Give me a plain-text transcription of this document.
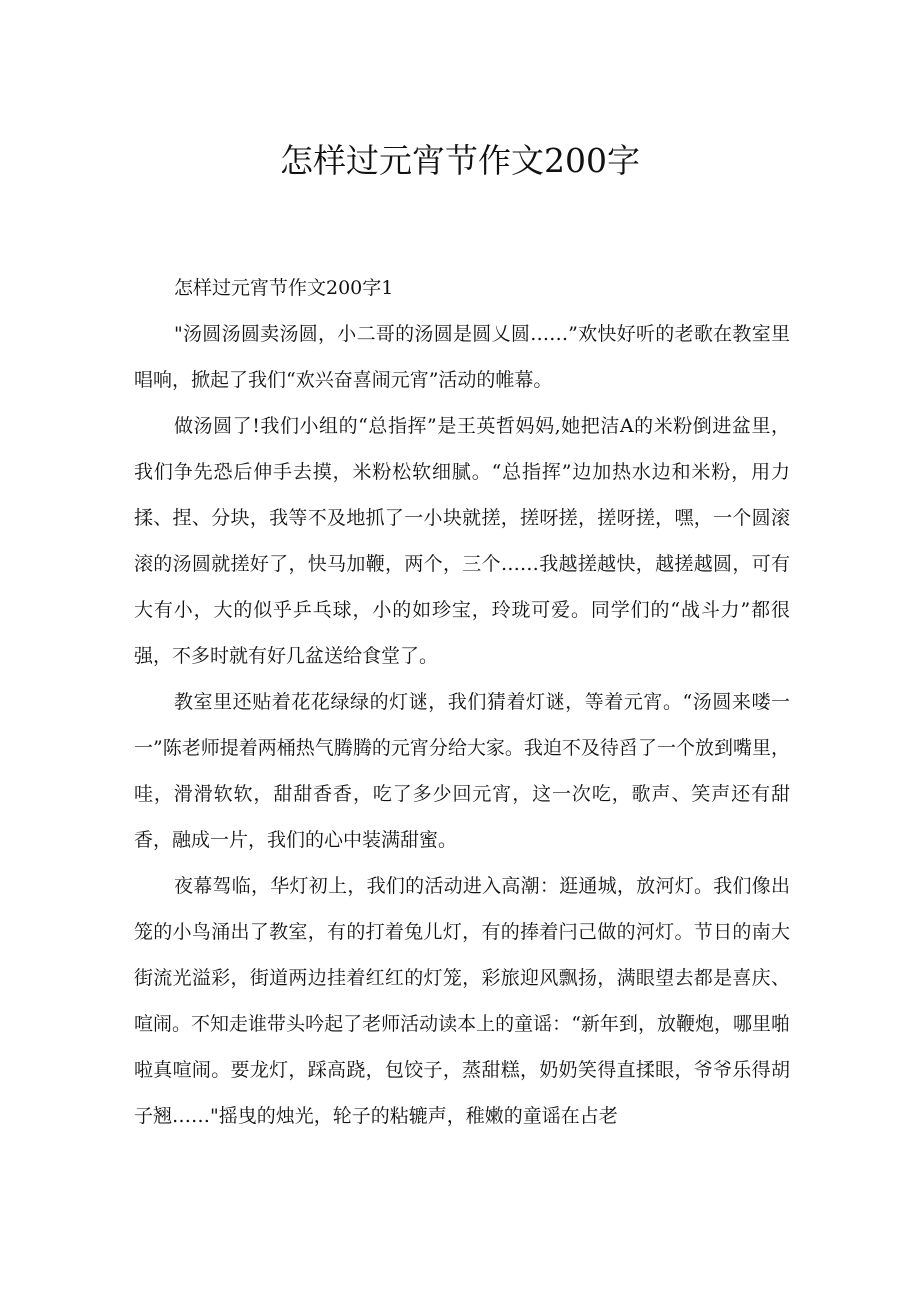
怎样过元宵节作文200字

怎样过元宵节作文200字1

"汤圆汤圆卖汤圆，小二哥的汤圆是圆乂圆……”欢快好听的老歌在教室里唱响，掀起了我们“欢兴奋喜闹元宵”活动的帷幕。

做汤圆了!我们小组的“总指挥”是王英哲妈妈,她把洁A的米粉倒进盆里，我们争先恐后伸手去摸，米粉松软细腻。“总指挥”边加热水边和米粉，用力揉、捏、分块，我等不及地抓了一小块就搓，搓呀搓，搓呀搓，嘿，一个圆滚滚的汤圆就搓好了，快马加鞭，两个，三个……我越搓越快，越搓越圆，可有大有小，大的似乎乒乓球，小的如珍宝，玲珑可爱。同学们的“战斗力”都很强，不多时就有好几盆送给食堂了。

教室里还贴着花花绿绿的灯谜，我们猜着灯谜，等着元宵。“汤圆来喽一一”陈老师提着两桶热气腾腾的元宵分给大家。我迫不及待舀了一个放到嘴里，哇，滑滑软软，甜甜香香，吃了多少回元宵，这一次吃，歌声、笑声还有甜香，融成一片，我们的心中装满甜蜜。

夜幕驾临，华灯初上，我们的活动进入高潮：逛通城，放河灯。我们像出笼的小鸟涌出了教室，有的打着兔儿灯，有的捧着闩己做的河灯。节日的南大街流光溢彩，街道两边挂着红红的灯笼，彩旅迎风飘扬，满眼望去都是喜庆、喧闹。不知走谁带头吟起了老师活动读本上的童谣：“新年到，放鞭炮，哪里啪啦真喧闹。要龙灯，踩高跷，包饺子，蒸甜糕，奶奶笑得直揉眼，爷爷乐得胡子翘……"摇曳的烛光，轮子的粘辘声，稚嫩的童谣在占老
